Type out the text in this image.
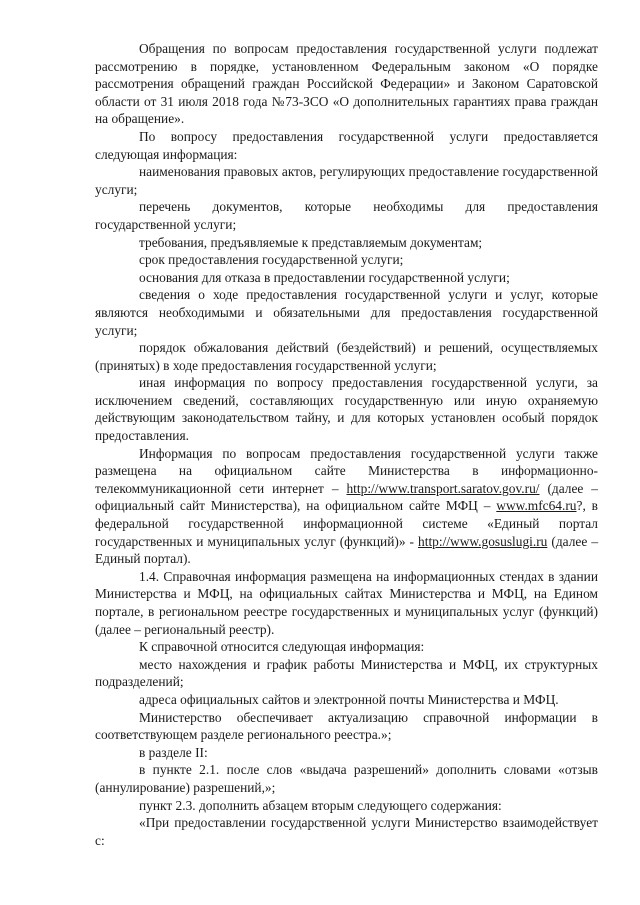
Обращения по вопросам предоставления государственной услуги подлежат рассмотрению в порядке, установленном Федеральным законом «О порядке рассмотрения обращений граждан Российской Федерации» и Законом Саратовской области от 31 июля 2018 года №73-ЗСО «О дополнительных гарантиях права граждан на обращение».

По вопросу предоставления государственной услуги предоставляется следующая информация:

наименования правовых актов, регулирующих предоставление государственной услуги;

перечень документов, которые необходимы для предоставления государственной услуги;

требования, предъявляемые к представляемым документам;

срок предоставления государственной услуги;

основания для отказа в предоставлении государственной услуги;

сведения о ходе предоставления государственной услуги и услуг, которые являются необходимыми и обязательными для предоставления государственной услуги;

порядок обжалования действий (бездействий) и решений, осуществляемых (принятых) в ходе предоставления государственной услуги;

иная информация по вопросу предоставления государственной услуги, за исключением сведений, составляющих государственную или иную охраняемую действующим законодательством тайну, и для которых установлен особый порядок предоставления.

Информация по вопросам предоставления государственной услуги также размещена на официальном сайте Министерства в информационно-телекоммуникационной сети интернет – http://www.transport.saratov.gov.ru/ (далее – официальный сайт Министерства), на официальном сайте МФЦ – www.mfc64.ru?, в федеральной государственной информационной системе «Единый портал государственных и муниципальных услуг (функций)» - http://www.gosuslugi.ru (далее – Единый портал).

1.4. Справочная информация размещена на информационных стендах в здании Министерства и МФЦ, на официальных сайтах Министерства и МФЦ, на Едином портале, в региональном реестре государственных и муниципальных услуг (функций)(далее – региональный реестр).

К справочной относится следующая информация:

место нахождения и график работы Министерства и МФЦ, их структурных подразделений;

адреса официальных сайтов и электронной почты Министерства и МФЦ.

Министерство обеспечивает актуализацию справочной информации в соответствующем разделе регионального реестра.»;

в разделе II:

в пункте 2.1. после слов «выдача разрешений» дополнить словами «отзыв (аннулирование) разрешений,»;

пункт 2.3. дополнить абзацем вторым следующего содержания:

«При предоставлении государственной услуги Министерство взаимодействует с:
